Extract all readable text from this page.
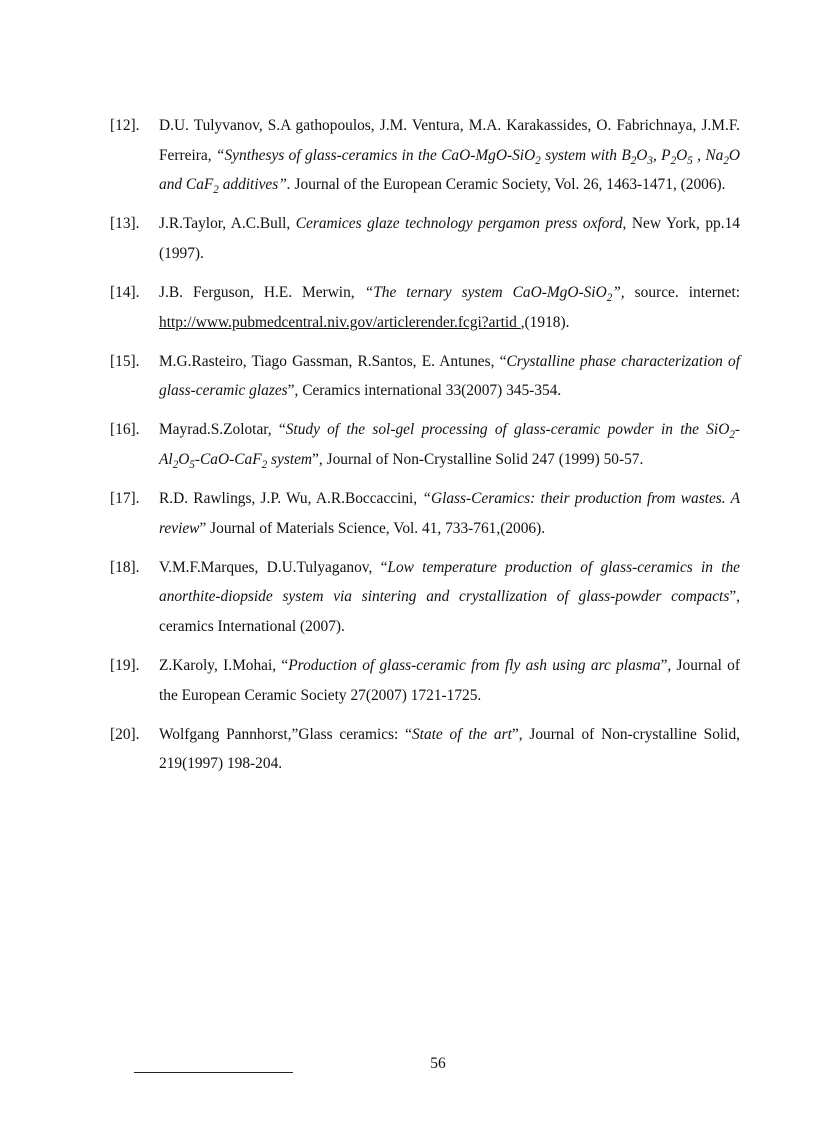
[12].	D.U. Tulyvanov, S.A gathopoulos, J.M. Ventura, M.A. Karakassides, O. Fabrichnaya, J.M.F. Ferreira, “Synthesys of glass-ceramics in the CaO-MgO-SiO$_2$ system with $B_2O_3$, $P_2O_5$ , $Na_2O$ and CaF$_2$ additives”. Journal of the European Ceramic Society, Vol. 26, 1463-1471, (2006).
[13].	J.R.Taylor, A.C.Bull, Ceramices glaze technology pergamon press oxford, New York, pp.14 (1997).
[14].	J.B. Ferguson, H.E. Merwin, “The ternary system CaO-MgO-SiO$_2$”, source. internet: http://www.pubmedcentral.niv.gov/articlerender.fcgi?artid ,(1918).
[15].	M.G.Rasteiro, Tiago Gassman, R.Santos, E. Antunes, “Crystalline phase characterization of glass-ceramic glazes”, Ceramics international 33(2007) 345-354.
[16].	Mayrad.S.Zolotar, “Study of the sol-gel processing of glass-ceramic powder in the $SiO_2-Al_2O_5-CaO-CaF_2$ system”, Journal of Non-Crystalline Solid 247 (1999) 50-57.
[17].	R.D. Rawlings, J.P. Wu, A.R.Boccaccini, “Glass-Ceramics: their production from wastes. A review” Journal of Materials Science, Vol. 41, 733-761,(2006).
[18].	V.M.F.Marques, D.U.Tulyaganov, “Low temperature production of glass-ceramics in the anorthite-diopside system via sintering and crystallization of glass-powder compacts”, ceramics International (2007).
[19].	Z.Karoly, I.Mohai, “Production of glass-ceramic from fly ash using arc plasma”, Journal of the European Ceramic Society 27(2007) 1721-1725.
[20].	Wolfgang Pannhorst,”Glass ceramics: “State of the art”, Journal of Non-crystalline Solid, 219(1997) 198-204.
56
